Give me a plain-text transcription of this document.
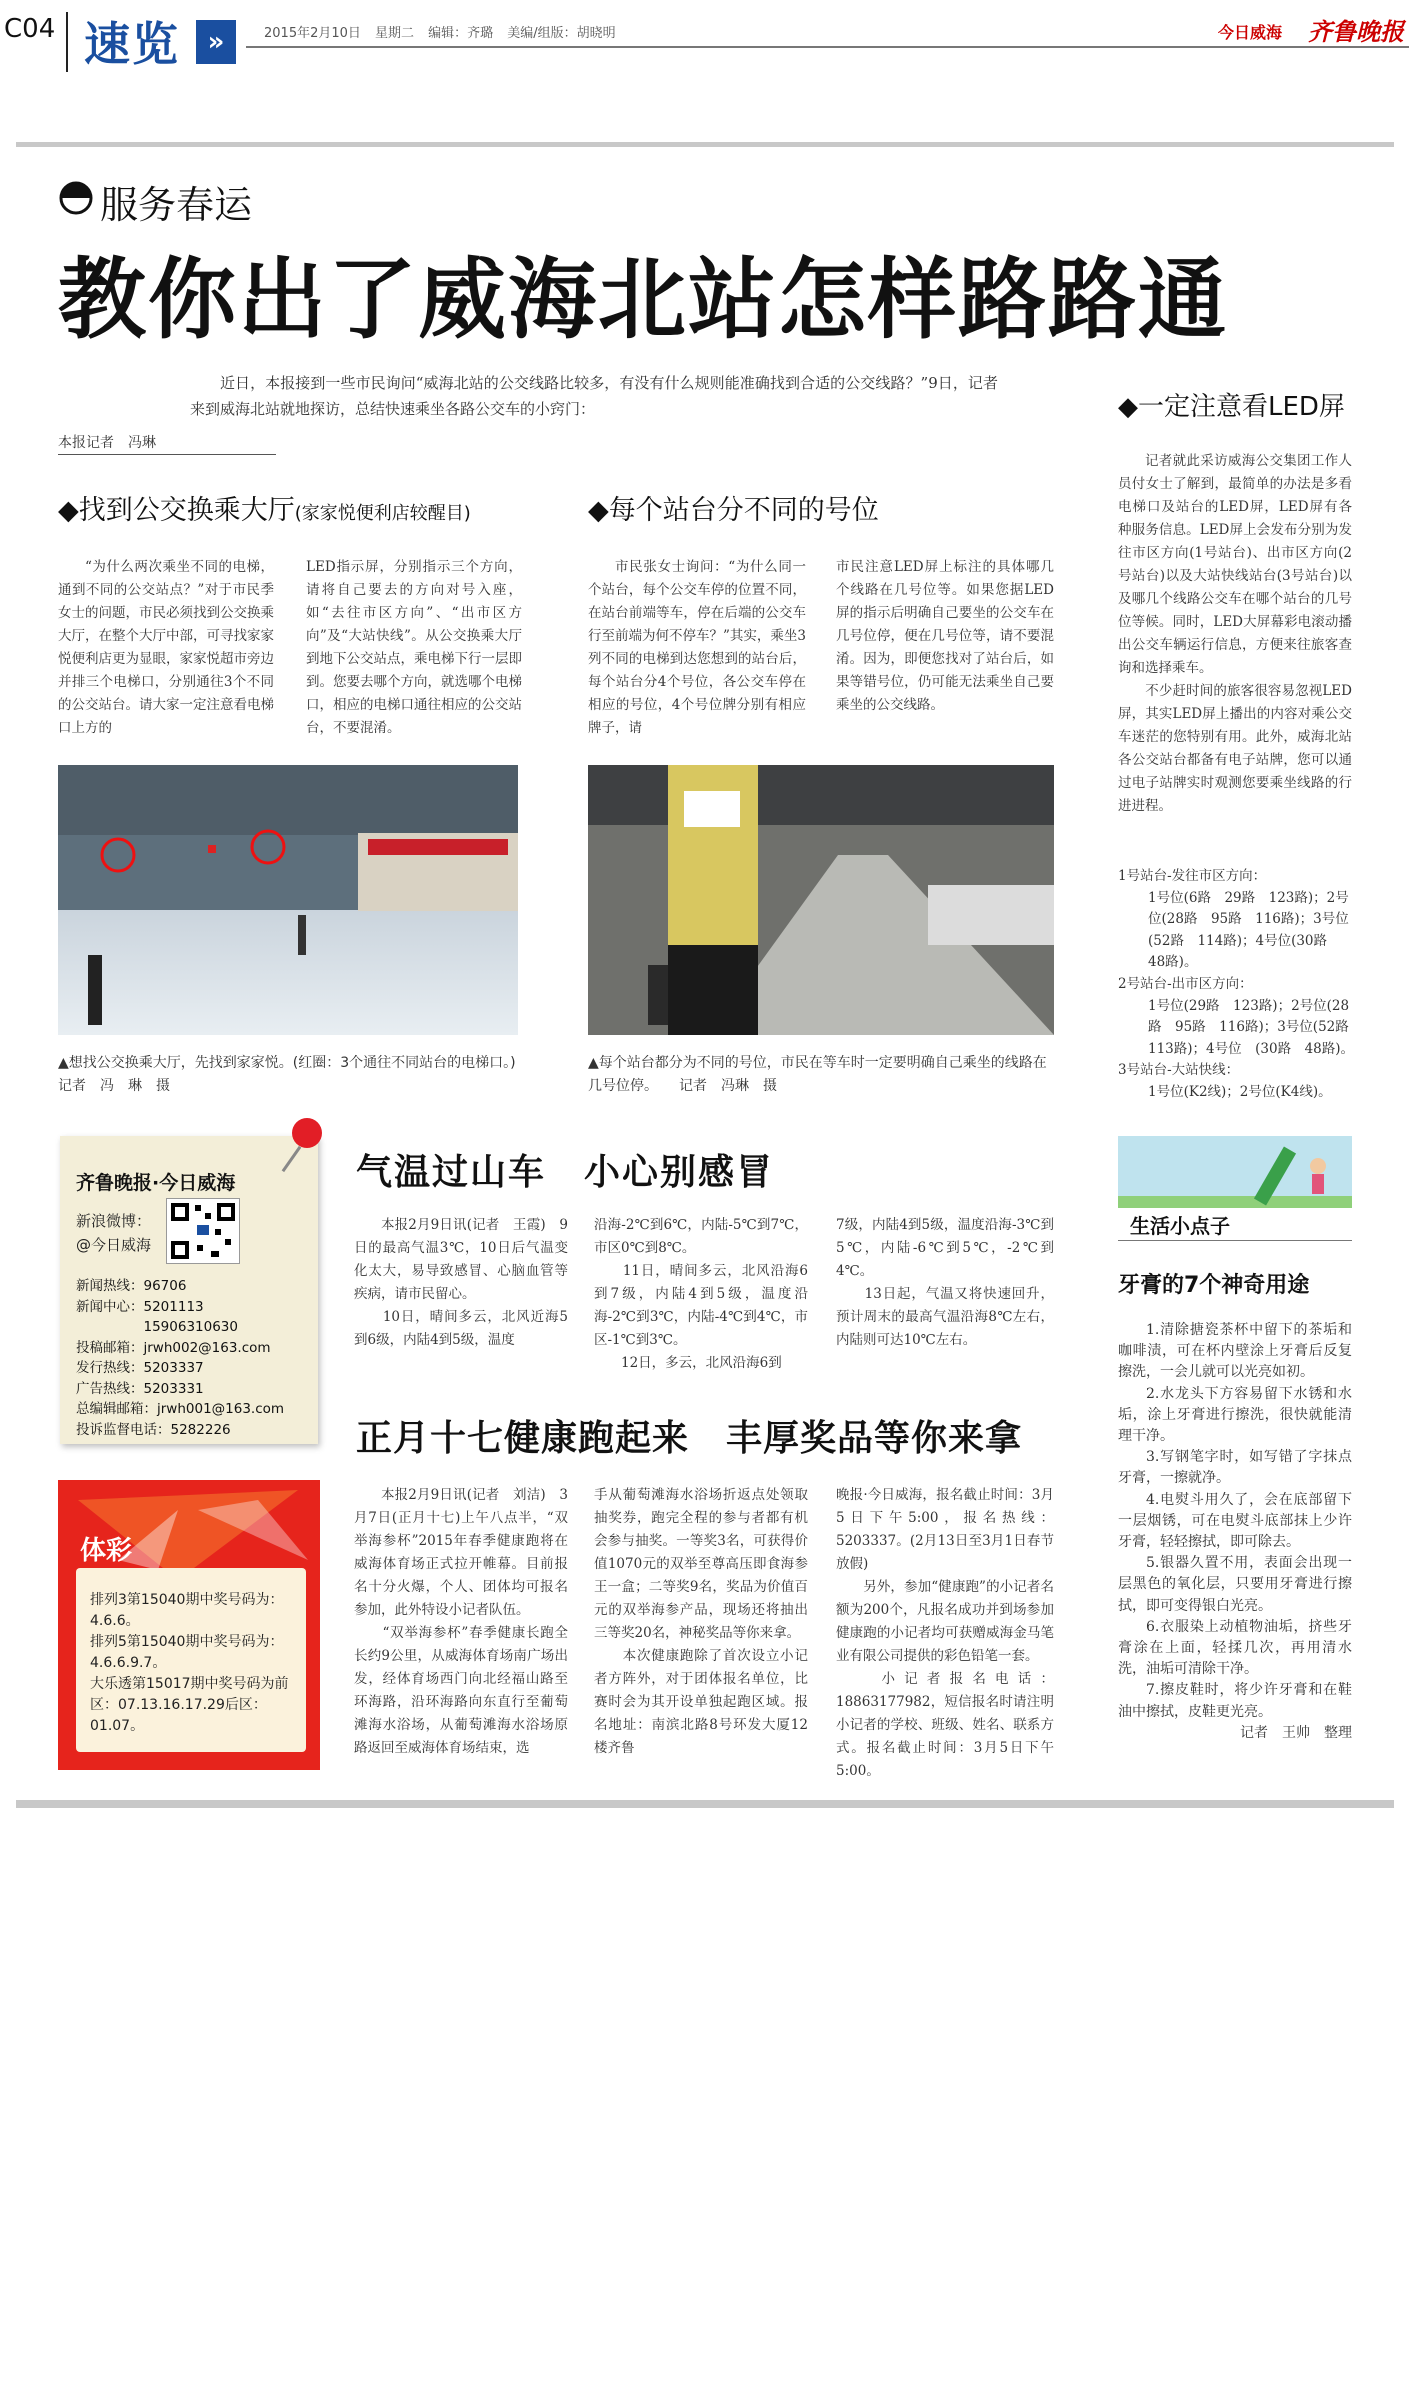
C04 速览	»	2015年2月10日 星期二 编辑：齐璐 美编/组版：胡晓明	今日威海 齐鲁晚报
服务春运
教你出了威海北站怎样路路通
近日，本报接到一些市民询问“威海北站的公交线路比较多，有没有什么规则能准确找到合适的公交线路？”9日，记者来到威海北站就地探访，总结快速乘坐各路公交车的小窍门：
本报记者　冯琳
◆找到公交换乘大厅(家家悦便利店较醒目)
“为什么两次乘坐不同的电梯，通到不同的公交站点？”对于市民季女士的问题，市民必须找到公交换乘大厅，在整个大厅中部，可寻找家家悦便利店更为显眼，家家悦超市旁边并排三个电梯口，分别通往3个不同的公交站台。请大家一定注意看电梯口上方的
LED指示屏，分别指示三个方向，请将自己要去的方向对号入座，如“去往市区方向”、“出市区方向”及“大站快线”。从公交换乘大厅到地下公交站点，乘电梯下行一层即到。您要去哪个方向，就选哪个电梯口，相应的电梯口通往相应的公交站台，不要混淆。
▲想找公交换乘大厅，先找到家家悦。(红圈：3个通往不同站台的电梯口。)　　　　记者　冯　琳　摄
◆每个站台分不同的号位
市民张女士询问：“为什么同一个站台，每个公交车停的位置不同，在站台前端等车，停在后端的公交车行至前端为何不停车？”其实，乘坐3列不同的电梯到达您想到的站台后，每个站台分4个号位，各公交车停在相应的号位，4个号位牌分别有相应牌子，请
市民注意LED屏上标注的具体哪几个线路在几号位等。如果您据LED屏的指示后明确自己要坐的公交车在几号位停，便在几号位等，请不要混淆。因为，即便您找对了站台后，如果等错号位，仍可能无法乘坐自己要乘坐的公交线路。
▲每个站台都分为不同的号位，市民在等车时一定要明确自己乘坐的线路在几号位停。　　记者　冯琳　摄
◆一定注意看LED屏
记者就此采访威海公交集团工作人员付女士了解到，最简单的办法是多看电梯口及站台的LED屏，LED屏有各种服务信息。LED屏上会发布分别为发往市区方向(1号站台)、出市区方向(2号站台)以及大站快线站台(3号站台)以及哪几个线路公交车在哪个站台的几号位等候。同时，LED大屏幕彩电滚动播出公交车辆运行信息，方便来往旅客查询和选择乘车。
　　不少赶时间的旅客很容易忽视LED屏，其实LED屏上播出的内容对乘公交车迷茫的您特别有用。此外，威海北站各公交站台都备有电子站牌，您可以通过电子站牌实时观测您要乘坐线路的行进进程。

1号站台-发往市区方向：

1号位(6路　29路　123路)；2号位(28路　95路　116路)；3号位(52路　114路)；4号位(30路　48路)。

2号站台-出市区方向：

1号位(29路　123路)；2号位(28路　95路　116路)；3号位(52路　113路)；4号位　(30路　48路)。

3号站台-大站快线：

1号位(K2线)；2号位(K4线)。

齐鲁晚报·今日威海
新浪微博：
@今日威海

新闻热线：96706

新闻中心：5201113

　　　　　15906310630

投稿邮箱：jrwh002@163.com

发行热线：5203337

广告热线：5203331

总编辑邮箱：jrwh001@163.com

投诉监督电话：5282226

体彩

排列3第15040期中奖号码为：4.6.6。

排列5第15040期中奖号码为：4.6.6.9.7。

大乐透第15017期中奖号码为前区：07.13.16.17.29后区：01.07。

气温过山车　小心别感冒
本报2月9日讯(记者　王霞)　9日的最高气温3℃，10日后气温变化太大，易导致感冒、心脑血管等疾病，请市民留心。
　　10日，晴间多云，北风近海5到6级，内陆4到5级，温度
沿海-2℃到6℃，内陆-5℃到7℃，市区0℃到8℃。
　　11日，晴间多云，北风沿海6到7级，内陆4到5级，温度沿海-2℃到3℃，内陆-4℃到4℃，市区-1℃到3℃。
　　12日，多云，北风沿海6到
7级，内陆4到5级，温度沿海-3℃到5℃，内陆-6℃到5℃，-2℃到4℃。
　　13日起，气温又将快速回升，预计周末的最高气温沿海8℃左右，内陆则可达10℃左右。
正月十七健康跑起来　丰厚奖品等你来拿
本报2月9日讯(记者　刘洁)　3月7日(正月十七)上午八点半，“双举海参杯”2015年春季健康跑将在威海体育场正式拉开帷幕。目前报名十分火爆，个人、团体均可报名参加，此外特设小记者队伍。
　　“双举海参杯”春季健康长跑全长约9公里，从威海体育场南广场出发，经体育场西门向北经福山路至环海路，沿环海路向东直行至葡萄滩海水浴场，从葡萄滩海水浴场原路返回至威海体育场结束，选
手从葡萄滩海水浴场折返点处领取抽奖券，跑完全程的参与者都有机会参与抽奖。一等奖3名，可获得价值1070元的双举至尊高压即食海参王一盒；二等奖9名，奖品为价值百元的双举海参产品，现场还将抽出三等奖20名，神秘奖品等你来拿。
　　本次健康跑除了首次设立小记者方阵外，对于团体报名单位，比赛时会为其开设单独起跑区域。报名地址：南滨北路8号环发大厦12楼齐鲁
晚报·今日威海，报名截止时间：3月5日下午5:00，报名热线：5203337。(2月13日至3月1日春节放假)
　　另外，参加“健康跑”的小记者名额为200个，凡报名成功并到场参加健康跑的小记者均可获赠威海金马笔业有限公司提供的彩色铅笔一套。
　　小记者报名电话：18863177982，短信报名时请注明小记者的学校、班级、姓名、联系方式。报名截止时间：3月5日下午5:00。
生活小点子
牙膏的7个神奇用途

1.清除搪瓷茶杯中留下的茶垢和咖啡渍，可在杯内壁涂上牙膏后反复擦洗，一会儿就可以光亮如初。

2.水龙头下方容易留下水锈和水垢，涂上牙膏进行擦洗，很快就能清理干净。

3.写钢笔字时，如写错了字抹点牙膏，一擦就净。

4.电熨斗用久了，会在底部留下一层烟锈，可在电熨斗底部抹上少许牙膏，轻轻擦拭，即可除去。

5.银器久置不用，表面会出现一层黑色的氧化层，只要用牙膏进行擦拭，即可变得银白光亮。

6.衣服染上动植物油垢，挤些牙膏涂在上面，轻揉几次，再用清水洗，油垢可清除干净。

7.擦皮鞋时，将少许牙膏和在鞋油中擦拭，皮鞋更光亮。

记者　王帅　整理
